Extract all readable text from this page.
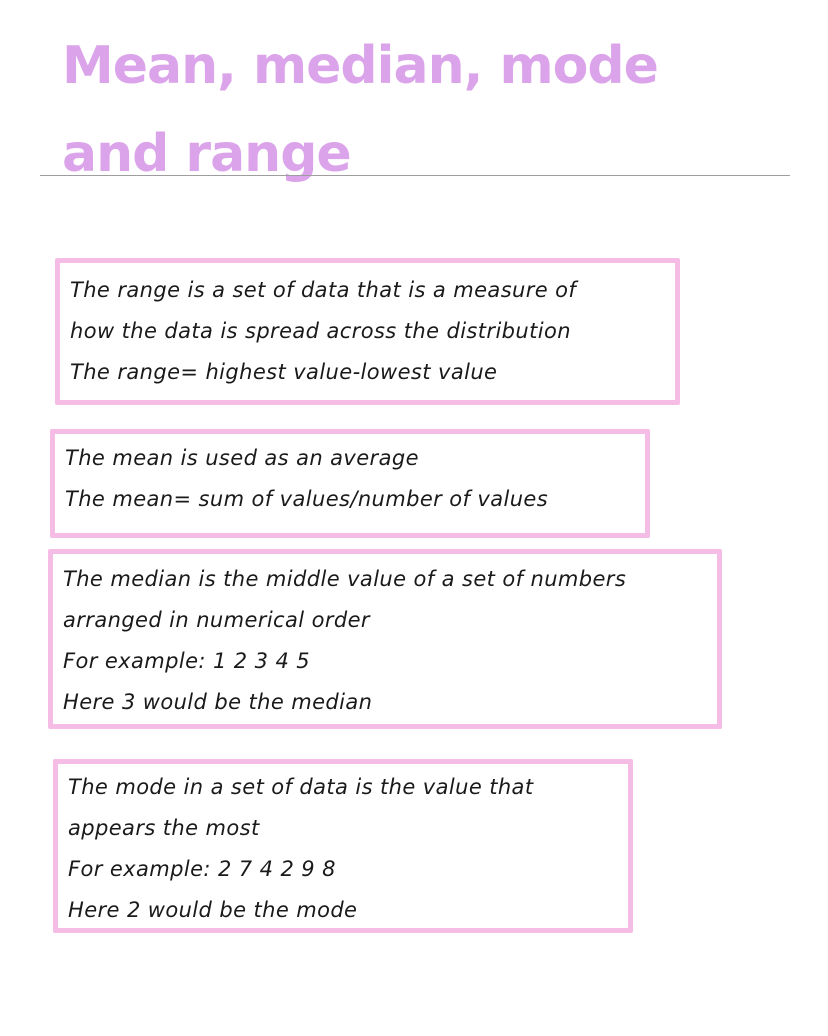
Mean, median, mode and range
The range is a set of data that is a measure of
how the data is spread across the distribution
The range= highest value-lowest value
The mean is used as an average
The mean= sum of values/number of values
The median is the middle value of a set of numbers
arranged in numerical order
For example: 1 2 3 4 5
Here 3 would be the median
The mode in a set of data is the value that
appears the most
For example: 2 7 4 2 9 8
Here 2 would be the mode
